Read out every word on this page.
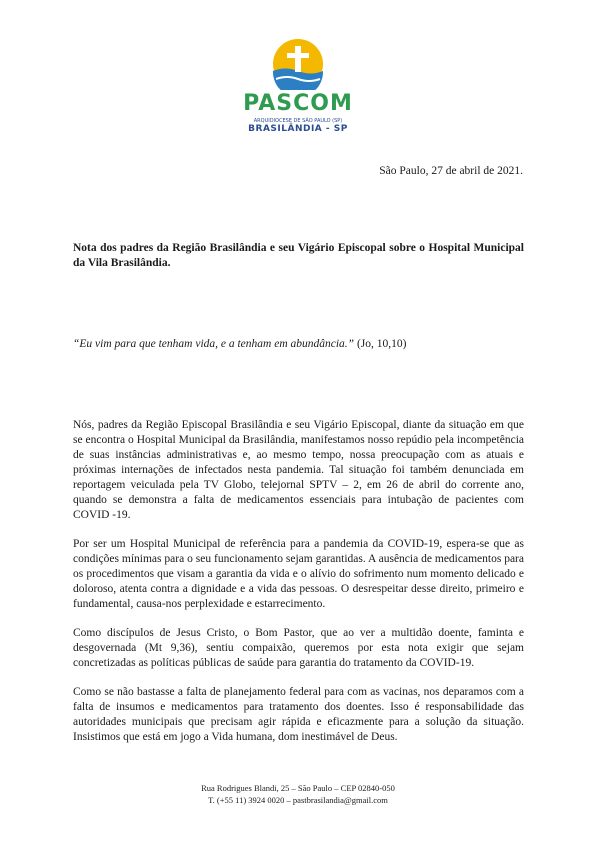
PASCOM
ARQUIDIOCESE DE SÃO PAULO (SP)
BRASILÂNDIA - SP
São Paulo, 27 de abril de 2021.
Nota dos padres da Região Brasilândia e seu Vigário Episcopal sobre o Hospital Municipal da Vila Brasilândia.
“Eu vim para que tenham vida, e a tenham em abundância.” (Jo, 10,10)

Nós, padres da Região Episcopal Brasilândia e seu Vigário Episcopal, diante da situação em que se encontra o Hospital Municipal da Brasilândia, manifestamos nosso repúdio pela incompetência de suas instâncias administrativas e, ao mesmo tempo, nossa preocupação com as atuais e próximas internações de infectados nesta pandemia. Tal situação foi também denunciada em reportagem veiculada pela TV Globo, telejornal SPTV – 2, em 26 de abril do corrente ano, quando se demonstra a falta de medicamentos essenciais para intubação de pacientes com COVID -19.

Por ser um Hospital Municipal de referência para a pandemia da COVID-19, espera-se que as condições mínimas para o seu funcionamento sejam garantidas. A ausência de medicamentos para os procedimentos que visam a garantia da vida e o alívio do sofrimento num momento delicado e doloroso, atenta contra a dignidade e a vida das pessoas. O desrespeitar desse direito, primeiro e fundamental, causa-nos perplexidade e estarrecimento.

Como discípulos de Jesus Cristo, o Bom Pastor, que ao ver a multidão doente, faminta e desgovernada (Mt 9,36), sentiu compaixão, queremos por esta nota exigir que sejam concretizadas as políticas públicas de saúde para garantia do tratamento da COVID-19.

Como se não bastasse a falta de planejamento federal para com as vacinas, nos deparamos com a falta de insumos e medicamentos para tratamento dos doentes. Isso é responsabilidade das autoridades municipais que precisam agir rápida e eficazmente para a solução da situação. Insistimos que está em jogo a Vida humana, dom inestimável de Deus.

Rua Rodrigues Blandi, 25 – São Paulo – CEP 02840-050
T. (+55 11) 3924 0020 – pastbrasilandia@gmail.com
